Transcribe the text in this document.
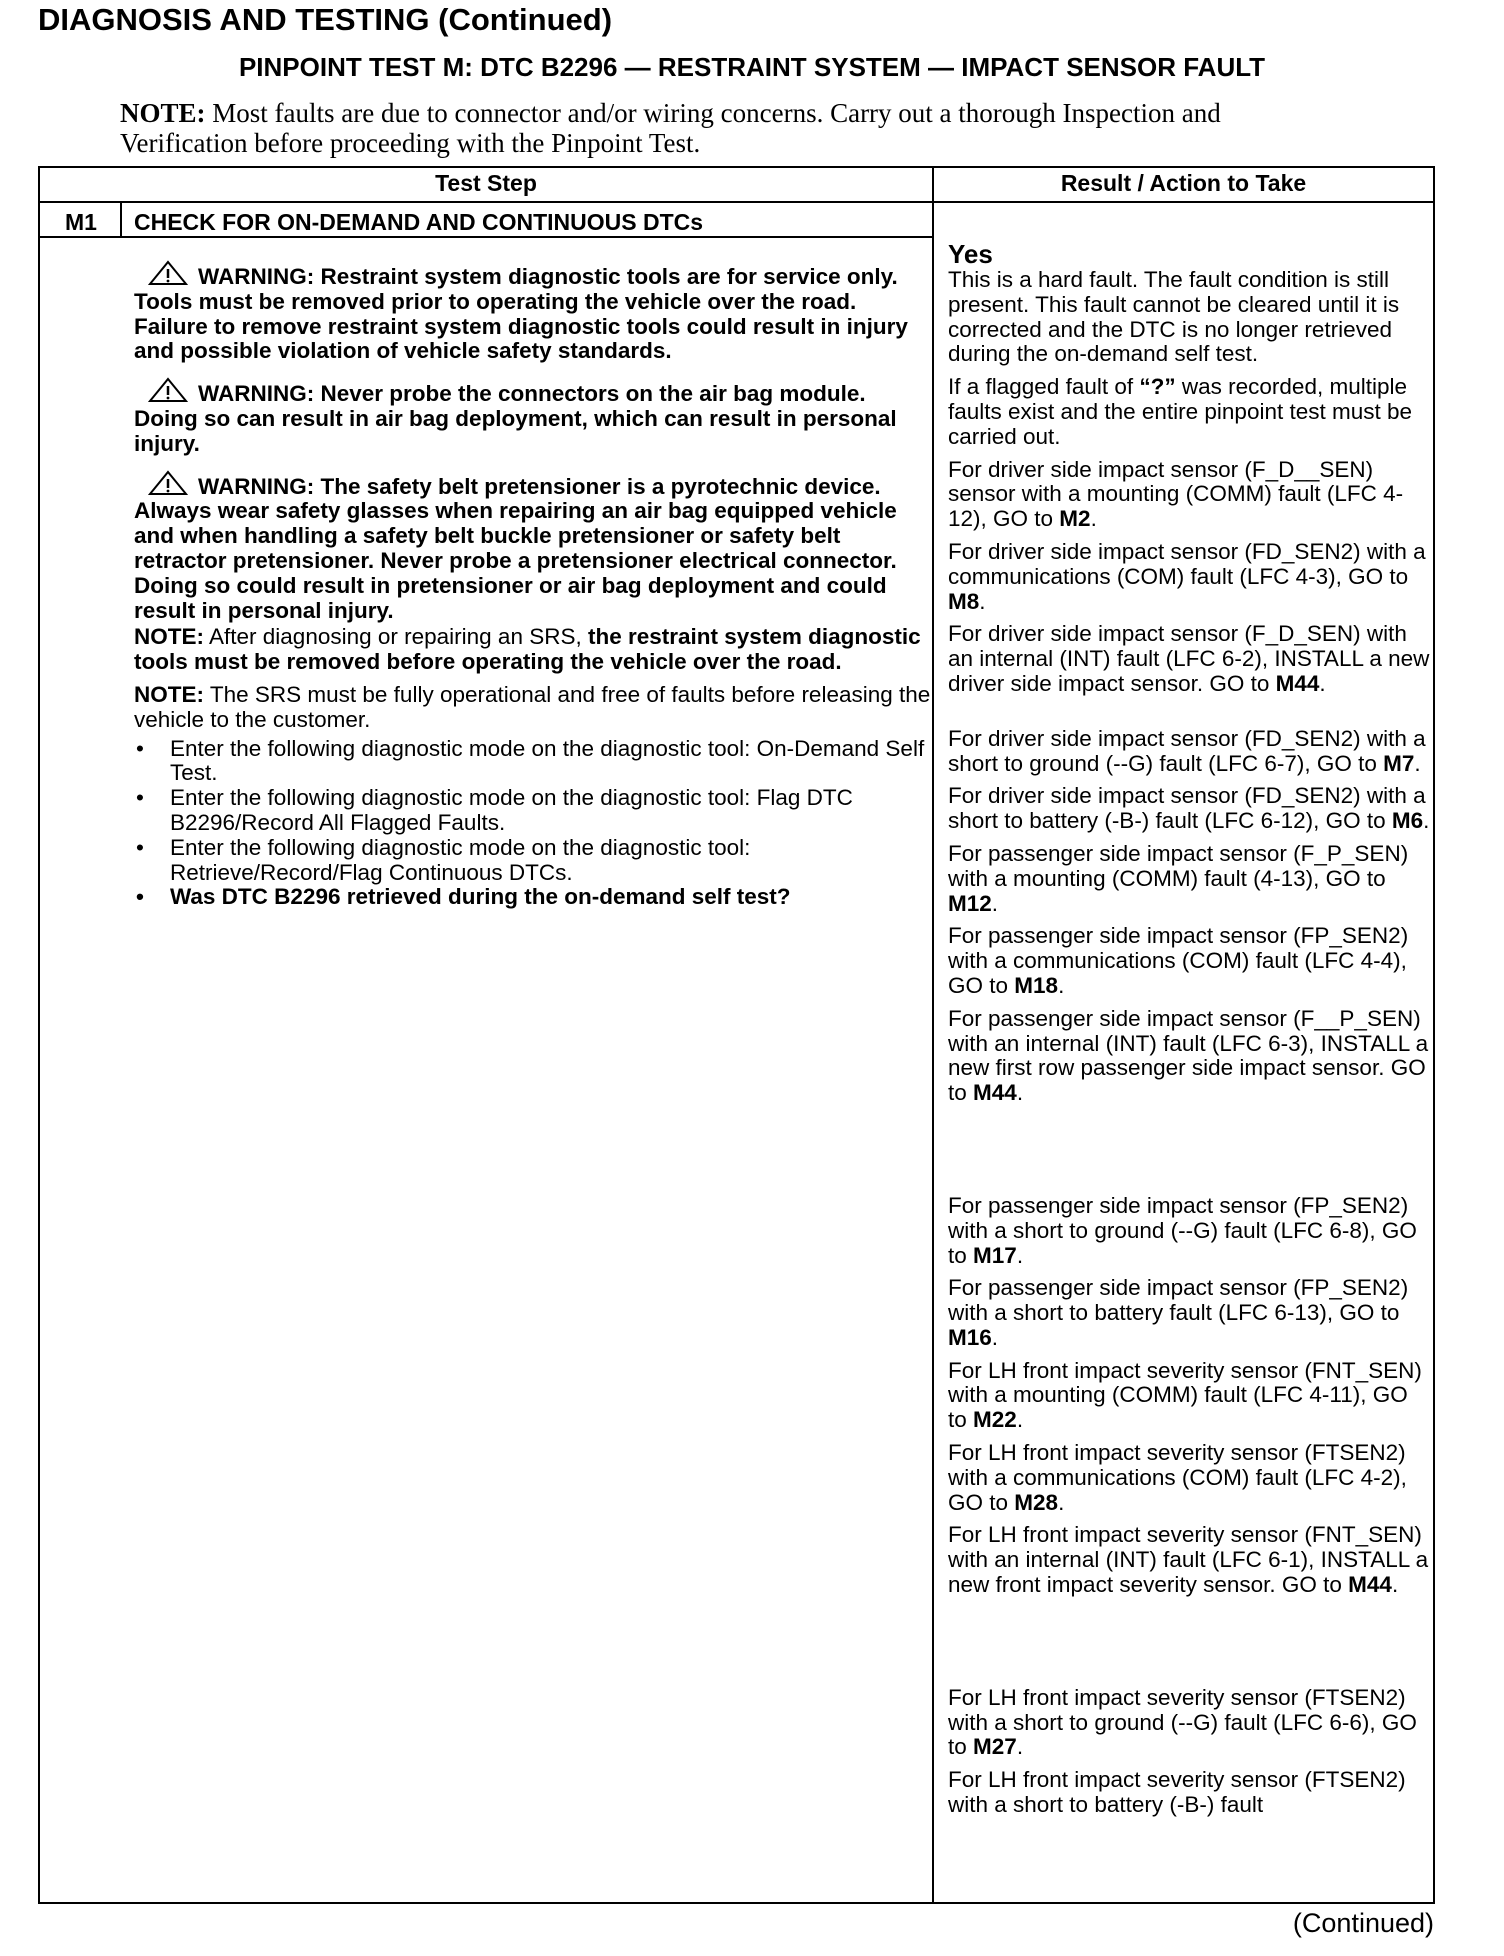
DIAGNOSIS AND TESTING (Continued)
PINPOINT TEST M: DTC B2296 — RESTRAINT SYSTEM — IMPACT SENSOR FAULT
NOTE: Most faults are due to connector and/or wiring concerns. Carry out a thorough Inspection and Verification before proceeding with the Pinpoint Test.
Test Step	Result / Action to Take
M1	CHECK FOR ON-DEMAND AND CONTINUOUS DTCs

WARNING: Restraint system diagnostic tools are for service only. Tools must be removed prior to operating the vehicle over the road. Failure to remove restraint system diagnostic tools could result in injury and possible violation of vehicle safety standards.

WARNING: Never probe the connectors on the air bag module. Doing so can result in air bag deployment, which can result in personal injury.

WARNING: The safety belt pretensioner is a pyrotechnic device. Always wear safety glasses when repairing an air bag equipped vehicle and when handling a safety belt buckle pretensioner or safety belt retractor pretensioner. Never probe a pretensioner electrical connector. Doing so could result in pretensioner or air bag deployment and could result in personal injury.

NOTE: After diagnosing or repairing an SRS, the restraint system diagnostic tools must be removed before operating the vehicle over the road.

NOTE: The SRS must be fully operational and free of faults before releasing the vehicle to the customer.

• Enter the following diagnostic mode on the diagnostic tool: On-Demand Self Test.
• Enter the following diagnostic mode on the diagnostic tool: Flag DTC B2296/Record All Flagged Faults.
• Enter the following diagnostic mode on the diagnostic tool: Retrieve/Record/Flag Continuous DTCs.
• Was DTC B2296 retrieved during the on-demand self test?
Yes

This is a hard fault. The fault condition is still present. This fault cannot be cleared until it is corrected and the DTC is no longer retrieved during the on-demand self test.

If a flagged fault of “?” was recorded, multiple faults exist and the entire pinpoint test must be carried out.

For driver side impact sensor (F_D__SEN) sensor with a mounting (COMM) fault (LFC 4-12), GO to M2.

For driver side impact sensor (FD_SEN2) with a communications (COM) fault (LFC 4-3), GO to M8.

For driver side impact sensor (F_D_SEN) with an internal (INT) fault (LFC 6-2), INSTALL a new driver side impact sensor. GO to M44.

For driver side impact sensor (FD_SEN2) with a short to ground (--G) fault (LFC 6-7), GO to M7.

For driver side impact sensor (FD_SEN2) with a short to battery (-B-) fault (LFC 6-12), GO to M6.

For passenger side impact sensor (F_P_SEN) with a mounting (COMM) fault (4-13), GO to M12.

For passenger side impact sensor (FP_SEN2) with a communications (COM) fault (LFC 4-4), GO to M18.

For passenger side impact sensor (F__P_SEN) with an internal (INT) fault (LFC 6-3), INSTALL a new first row passenger side impact sensor. GO to M44.

For passenger side impact sensor (FP_SEN2) with a short to ground (--G) fault (LFC 6-8), GO to M17.

For passenger side impact sensor (FP_SEN2) with a short to battery fault (LFC 6-13), GO to M16.

For LH front impact severity sensor (FNT_SEN) with a mounting (COMM) fault (LFC 4-11), GO to M22.

For LH front impact severity sensor (FTSEN2) with a communications (COM) fault (LFC 4-2), GO to M28.

For LH front impact severity sensor (FNT_SEN) with an internal (INT) fault (LFC 6-1), INSTALL a new front impact severity sensor. GO to M44.

For LH front impact severity sensor (FTSEN2) with a short to ground (--G) fault (LFC 6-6), GO to M27.

For LH front impact severity sensor (FTSEN2) with a short to battery (-B-) fault

(Continued)
